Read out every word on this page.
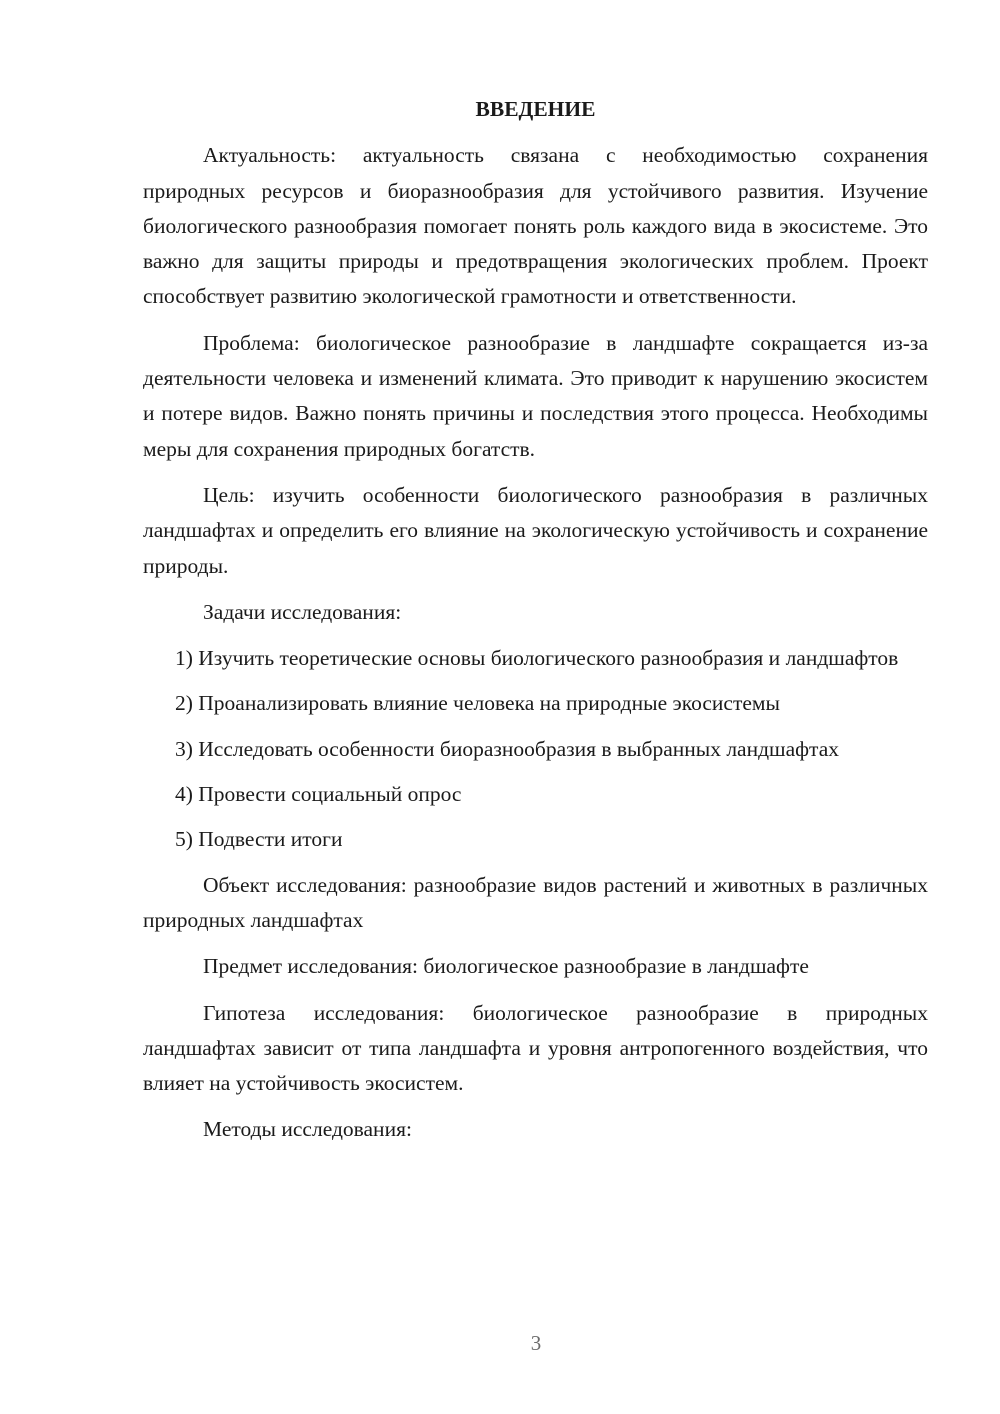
ВВЕДЕНИЕ

Актуальность: актуальность связана с необходимостью сохранения природных ресурсов и биоразнообразия для устойчивого развития. Изучение биологического разнообразия помогает понять роль каждого вида в экосистеме. Это важно для защиты природы и предотвращения экологических проблем. Проект способствует развитию экологической грамотности и ответственности.

Проблема: биологическое разнообразие в ландшафте сокращается из-за деятельности человека и изменений климата. Это приводит к нарушению экосистем и потере видов. Важно понять причины и последствия этого процесса. Необходимы меры для сохранения природных богатств.

Цель: изучить особенности биологического разнообразия в различных ландшафтах и определить его влияние на экологическую устойчивость и сохранение природы.

Задачи исследования:

1) Изучить теоретические основы биологического разнообразия и ландшафтов

2) Проанализировать влияние человека на природные экосистемы

3) Исследовать особенности биоразнообразия в выбранных ландшафтах

4) Провести социальный опрос

5) Подвести итоги

Объект исследования: разнообразие видов растений и животных в различных природных ландшафтах

Предмет исследования: биологическое разнообразие в ландшафте

Гипотеза исследования: биологическое разнообразие в природных ландшафтах зависит от типа ландшафта и уровня антропогенного воздействия, что влияет на устойчивость экосистем.

Методы исследования:

3
